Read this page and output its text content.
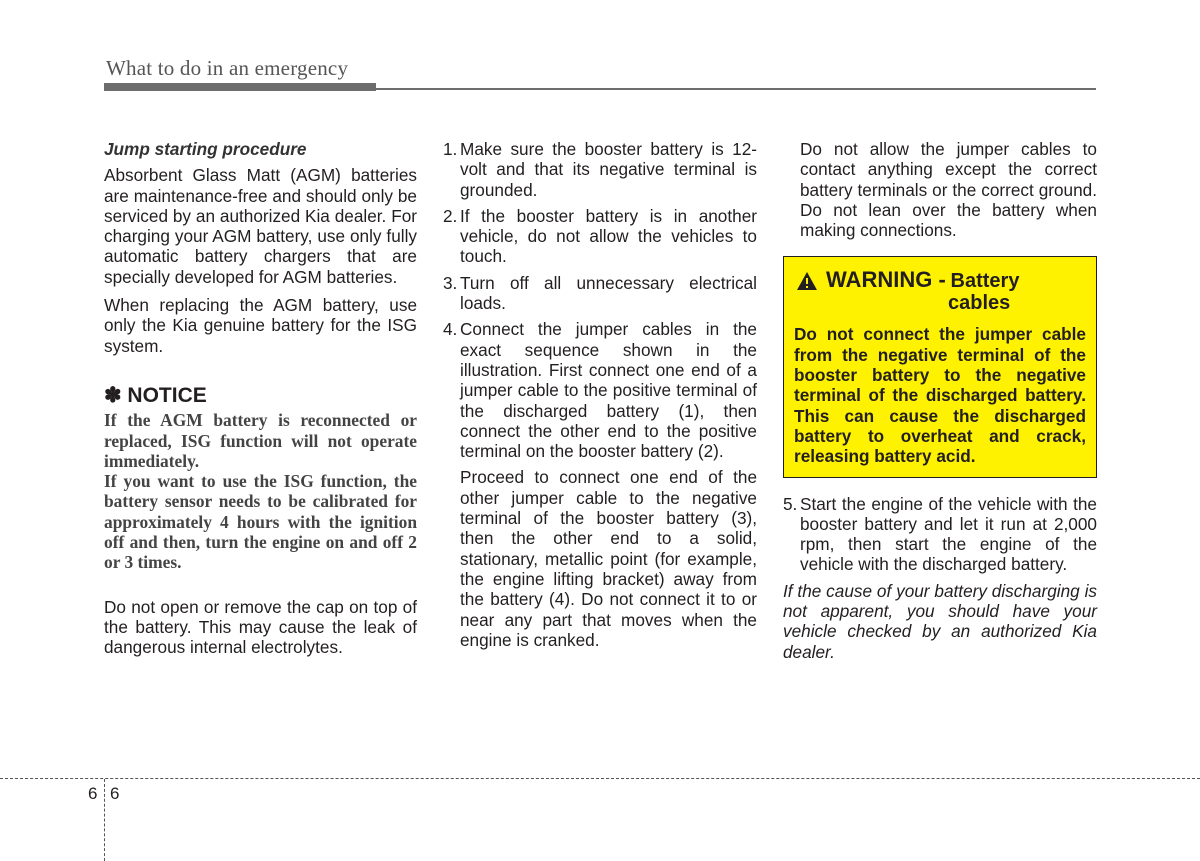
What to do in an emergency
Jump starting procedure

Absorbent Glass Matt (AGM) batteries are maintenance-free and should only be serviced by an authorized Kia dealer. For charging your AGM battery, use only fully automatic battery chargers that are specially developed for AGM batteries.

When replacing the AGM battery, use only the Kia genuine battery for the ISG system.

✽ NOTICE

If the AGM battery is reconnected or replaced, ISG function will not operate immediately.

If you want to use the ISG function, the battery sensor needs to be calibrated for approximately 4 hours with the ignition off and then, turn the engine on and off 2 or 3 times.

Do not open or remove the cap on top of the battery. This may cause the leak of dangerous internal electrolytes.

1. Make sure the booster battery is 12-volt and that its negative terminal is grounded.
2. If the booster battery is in another vehicle, do not allow the vehicles to touch.
3. Turn off all unnecessary electrical loads.
4. Connect the jumper cables in the exact sequence shown in the illustration. First connect one end of a jumper cable to the positive terminal of the discharged battery (1), then connect the other end to the positive terminal on the booster battery (2).

Proceed to connect one end of the other jumper cable to the negative terminal of the booster battery (3), then the other end to a solid, stationary, metallic point (for example, the engine lifting bracket) away from the battery (4). Do not connect it to or near any part that moves when the engine is cranked.

Do not allow the jumper cables to contact anything except the correct battery terminals or the correct ground. Do not lean over the battery when making connections.

WARNING - Battery
cables
Do not connect the jumper cable from the negative terminal of the booster battery to the negative terminal of the discharged battery. This can cause the discharged battery to overheat and crack, releasing battery acid.
5. Start the engine of the vehicle with the booster battery and let it run at 2,000 rpm, then start the engine of the vehicle with the discharged battery.

If the cause of your battery discharging is not apparent, you should have your vehicle checked by an authorized Kia dealer.

6 6
